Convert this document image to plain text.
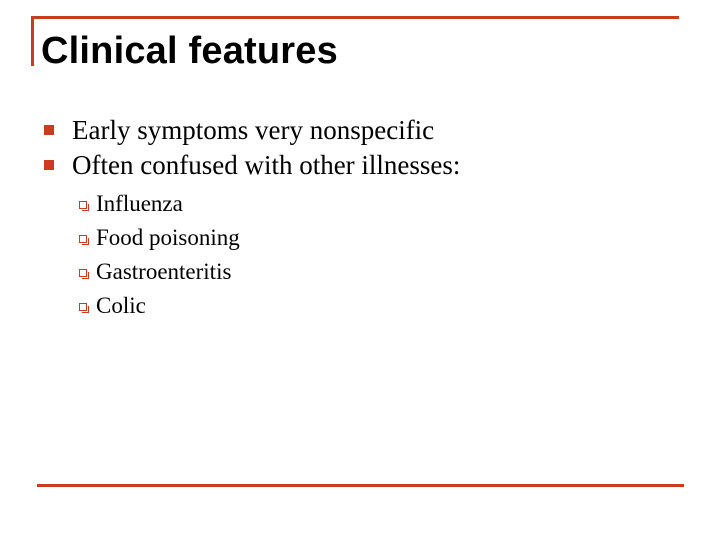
Clinical features
Early symptoms very nonspecific
Often confused with other illnesses:
Influenza
Food poisoning
Gastroenteritis
Colic
